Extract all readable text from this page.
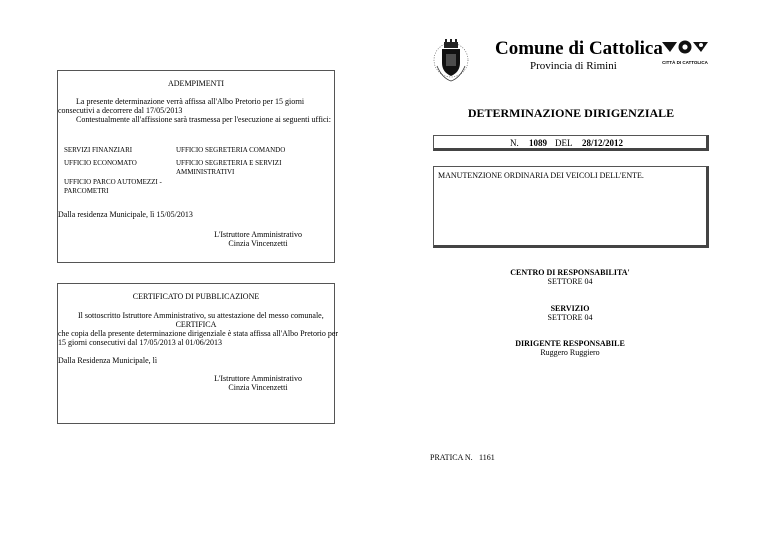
Comune di Cattolica
Provincia di Rimini	CITTÀ DI CATTOLICA
DETERMINAZIONE DIRIGENZIALE
N. 1089 DEL 28/12/2012
MANUTENZIONE ORDINARIA DEI VEICOLI DELL'ENTE.
CENTRO DI RESPONSABILITA'
SETTORE 04
SERVIZIO
SETTORE 04
DIRIGENTE RESPONSABILE
Ruggero Ruggiero
PRATICA N. 1161
ADEMPIMENTI
La presente determinazione verrà affissa all'Albo Pretorio per 15 giorni
consecutivi a decorrere dal 17/05/2013
Contestualmente all'affissione sarà trasmessa per l'esecuzione ai seguenti uffici:
SERVIZI FINANZIARI	UFFICIO SEGRETERIA COMANDO
UFFICIO ECONOMATO	UFFICIO SEGRETERIA E SERVIZI AMMINISTRATIVI
UFFICIO PARCO AUTOMEZZI - PARCOMETRI
Dalla residenza Municipale, lì 15/05/2013
L'Istruttore Amministrativo
Cinzia Vincenzetti
CERTIFICATO DI PUBBLICAZIONE
Il sottoscritto Istruttore Amministrativo, su attestazione del messo comunale,
CERTIFICA
che copia della presente determinazione dirigenziale è stata affissa all'Albo Pretorio per
15 giorni consecutivi dal 17/05/2013 al 01/06/2013
Dalla Residenza Municipale, lì
L'Istruttore Amministrativo
Cinzia Vincenzetti
